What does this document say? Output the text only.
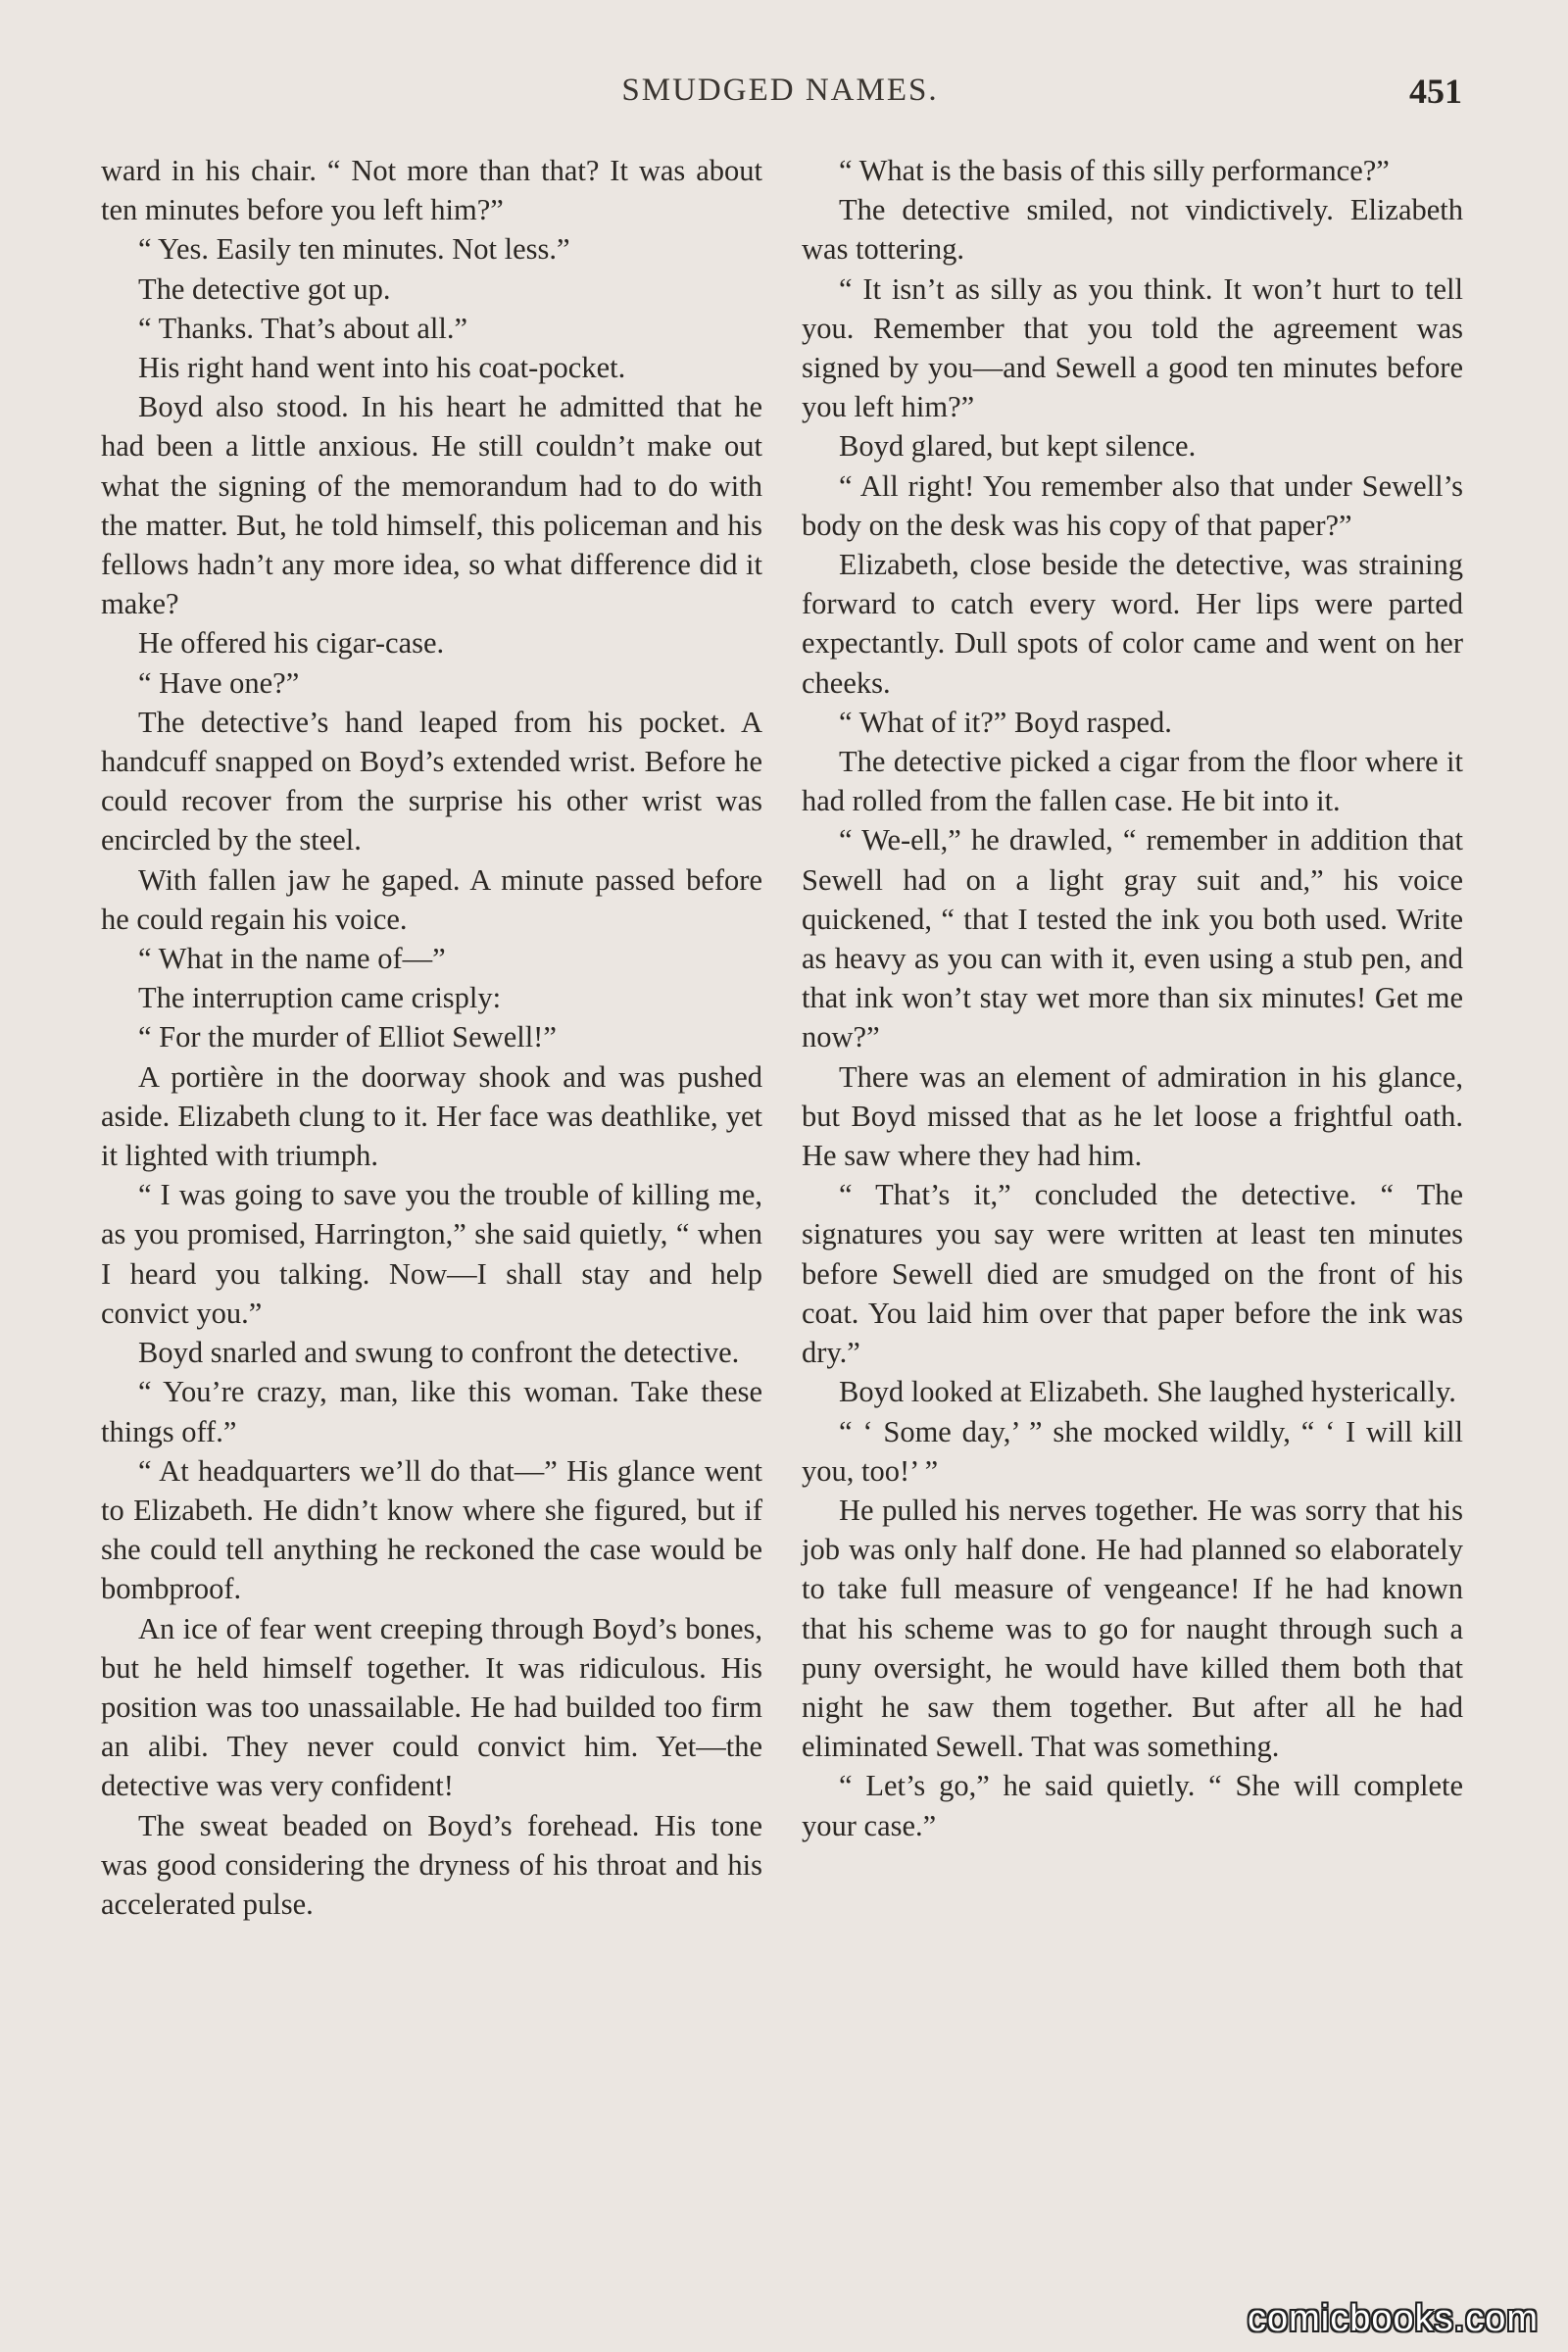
SMUDGED NAMES.	451

ward in his chair. “ Not more than that? It was about ten minutes before you left him?”

“ Yes. Easily ten minutes. Not less.”

The detective got up.

“ Thanks. That’s about all.”

His right hand went into his coat-pocket.

Boyd also stood. In his heart he admitted that he had been a little anxious. He still couldn’t make out what the signing of the memorandum had to do with the matter. But, he told himself, this policeman and his fellows hadn’t any more idea, so what difference did it make?

He offered his cigar-case.

“ Have one?”

The detective’s hand leaped from his pocket. A handcuff snapped on Boyd’s extended wrist. Before he could recover from the surprise his other wrist was encircled by the steel.

With fallen jaw he gaped. A minute passed before he could regain his voice.

“ What in the name of—”

The interruption came crisply:

“ For the murder of Elliot Sewell!”

A portière in the doorway shook and was pushed aside. Elizabeth clung to it. Her face was deathlike, yet it lighted with triumph.

“ I was going to save you the trouble of killing me, as you promised, Harrington,” she said quietly, “ when I heard you talking. Now—I shall stay and help convict you.”

Boyd snarled and swung to confront the detective.

“ You’re crazy, man, like this woman. Take these things off.”

“ At headquarters we’ll do that—” His glance went to Elizabeth. He didn’t know where she figured, but if she could tell anything he reckoned the case would be bombproof.

An ice of fear went creeping through Boyd’s bones, but he held himself together. It was ridiculous. His position was too unassailable. He had builded too firm an alibi. They never could convict him. Yet—the detective was very confident!

The sweat beaded on Boyd’s forehead. His tone was good considering the dryness of his throat and his accelerated pulse.

“ What is the basis of this silly performance?”

The detective smiled, not vindictively. Elizabeth was tottering.

“ It isn’t as silly as you think. It won’t hurt to tell you. Remember that you told the agreement was signed by you—and Sewell a good ten minutes before you left him?”

Boyd glared, but kept silence.

“ All right! You remember also that under Sewell’s body on the desk was his copy of that paper?”

Elizabeth, close beside the detective, was straining forward to catch every word. Her lips were parted expectantly. Dull spots of color came and went on her cheeks.

“ What of it?” Boyd rasped.

The detective picked a cigar from the floor where it had rolled from the fallen case. He bit into it.

“ We-ell,” he drawled, “ remember in addition that Sewell had on a light gray suit and,” his voice quickened, “ that I tested the ink you both used. Write as heavy as you can with it, even using a stub pen, and that ink won’t stay wet more than six minutes! Get me now?”

There was an element of admiration in his glance, but Boyd missed that as he let loose a frightful oath. He saw where they had him.

“ That’s it,” concluded the detective. “ The signatures you say were written at least ten minutes before Sewell died are smudged on the front of his coat. You laid him over that paper before the ink was dry.”

Boyd looked at Elizabeth. She laughed hysterically.

“ ‘ Some day,’ ” she mocked wildly, “ ‘ I will kill you, too!’ ”

He pulled his nerves together. He was sorry that his job was only half done. He had planned so elaborately to take full measure of vengeance! If he had known that his scheme was to go for naught through such a puny oversight, he would have killed them both that night he saw them together. But after all he had eliminated Sewell. That was something.

“ Let’s go,” he said quietly. “ She will complete your case.”

comicbooks.com
